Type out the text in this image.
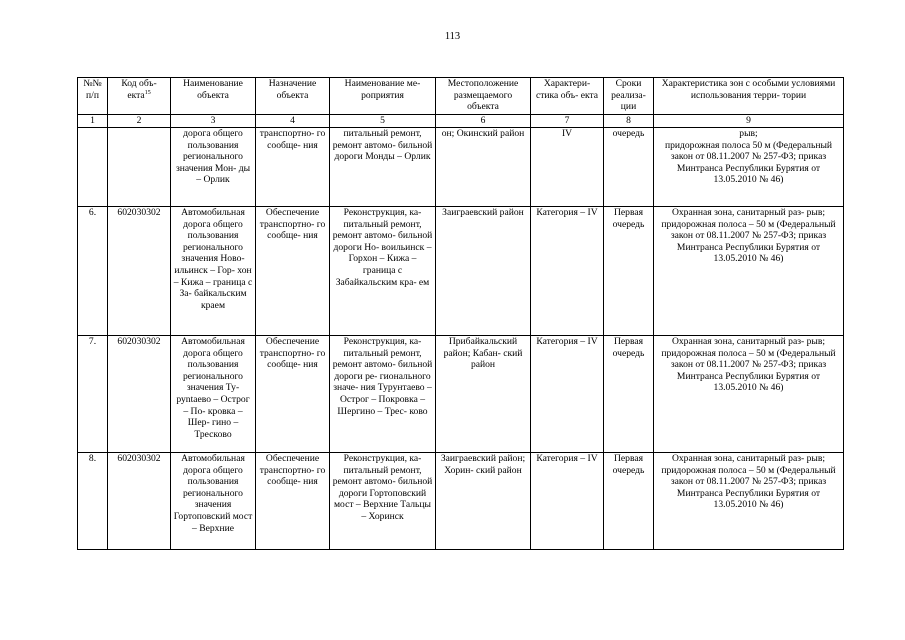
113
№№ п/п	Код объ- екта$^{15}$	Наименование объекта	Назначение объекта	Наименование ме- роприятия	Местоположение размещаемого объекта	Характери- стика объ- екта	Сроки реализа- ции	Характеристика зон с особыми условиями использования терри- тории
1	2	3	4	5	6	7	8	9
		дорога общего пользования регионального значения Мон- ды – Орлик	транспортно- го сообще- ния	питальный ремонт, ремонт автомо- бильной дороги Монды – Орлик	он; Окинский район	IV	очередь	рыв;
придорожная полоса 50 м (Федеральный закон от 08.11.2007 № 257-ФЗ; приказ Минтранса Республики Бурятия от 13.05.2010 № 46)
6.	602030302	Автомобильная дорога общего пользования регионального значения Ново- ильинск – Гор- хон – Кижа – граница с За- байкальским краем	Обеспечение транспортно- го сообще- ния	Реконструкция, ка- питальный ремонт, ремонт автомо- бильной дороги Но- воильинск – Горхон – Кижа – граница с Забайкальским кра- ем	Заиграевский район	Категория – IV	Первая очередь	Охранная зона, санитарный раз- рыв;
придорожная полоса – 50 м (Федеральный закон от 08.11.2007 № 257-ФЗ; приказ Минтранса Республики Бурятия от 13.05.2010 № 46)
7.	602030302	Автомобильная дорога общего пользования регионального значения Ту- руntaево – Острог – По- кровка – Шер- гино – Тресково	Обеспечение транспортно- го сообще- ния	Реконструкция, ка- питальный ремонт, ремонт автомо- бильной дороги ре- гионального значе- ния Турунтаево – Острог – Покровка – Шергино – Трес- ково	Прибайкальский район; Кабан- ский район	Категория – IV	Первая очередь	Охранная зона, санитарный раз- рыв;
придорожная полоса – 50 м (Федеральный закон от 08.11.2007 № 257-ФЗ; приказ Минтранса Республики Бурятия от 13.05.2010 № 46)
8.	602030302	Автомобильная дорога общего пользования регионального значения Гортоповский мост – Верхние	Обеспечение транспортно- го сообще- ния	Реконструкция, ка- питальный ремонт, ремонт автомо- бильной дороги Гортоповский мост – Верхние Тальцы – Хоринск	Заиграевский район; Хорин- ский район	Категория – IV	Первая очередь	Охранная зона, санитарный раз- рыв;
придорожная полоса – 50 м (Федеральный закон от 08.11.2007 № 257-ФЗ; приказ Минтранса Республики Бурятия от 13.05.2010 № 46)
